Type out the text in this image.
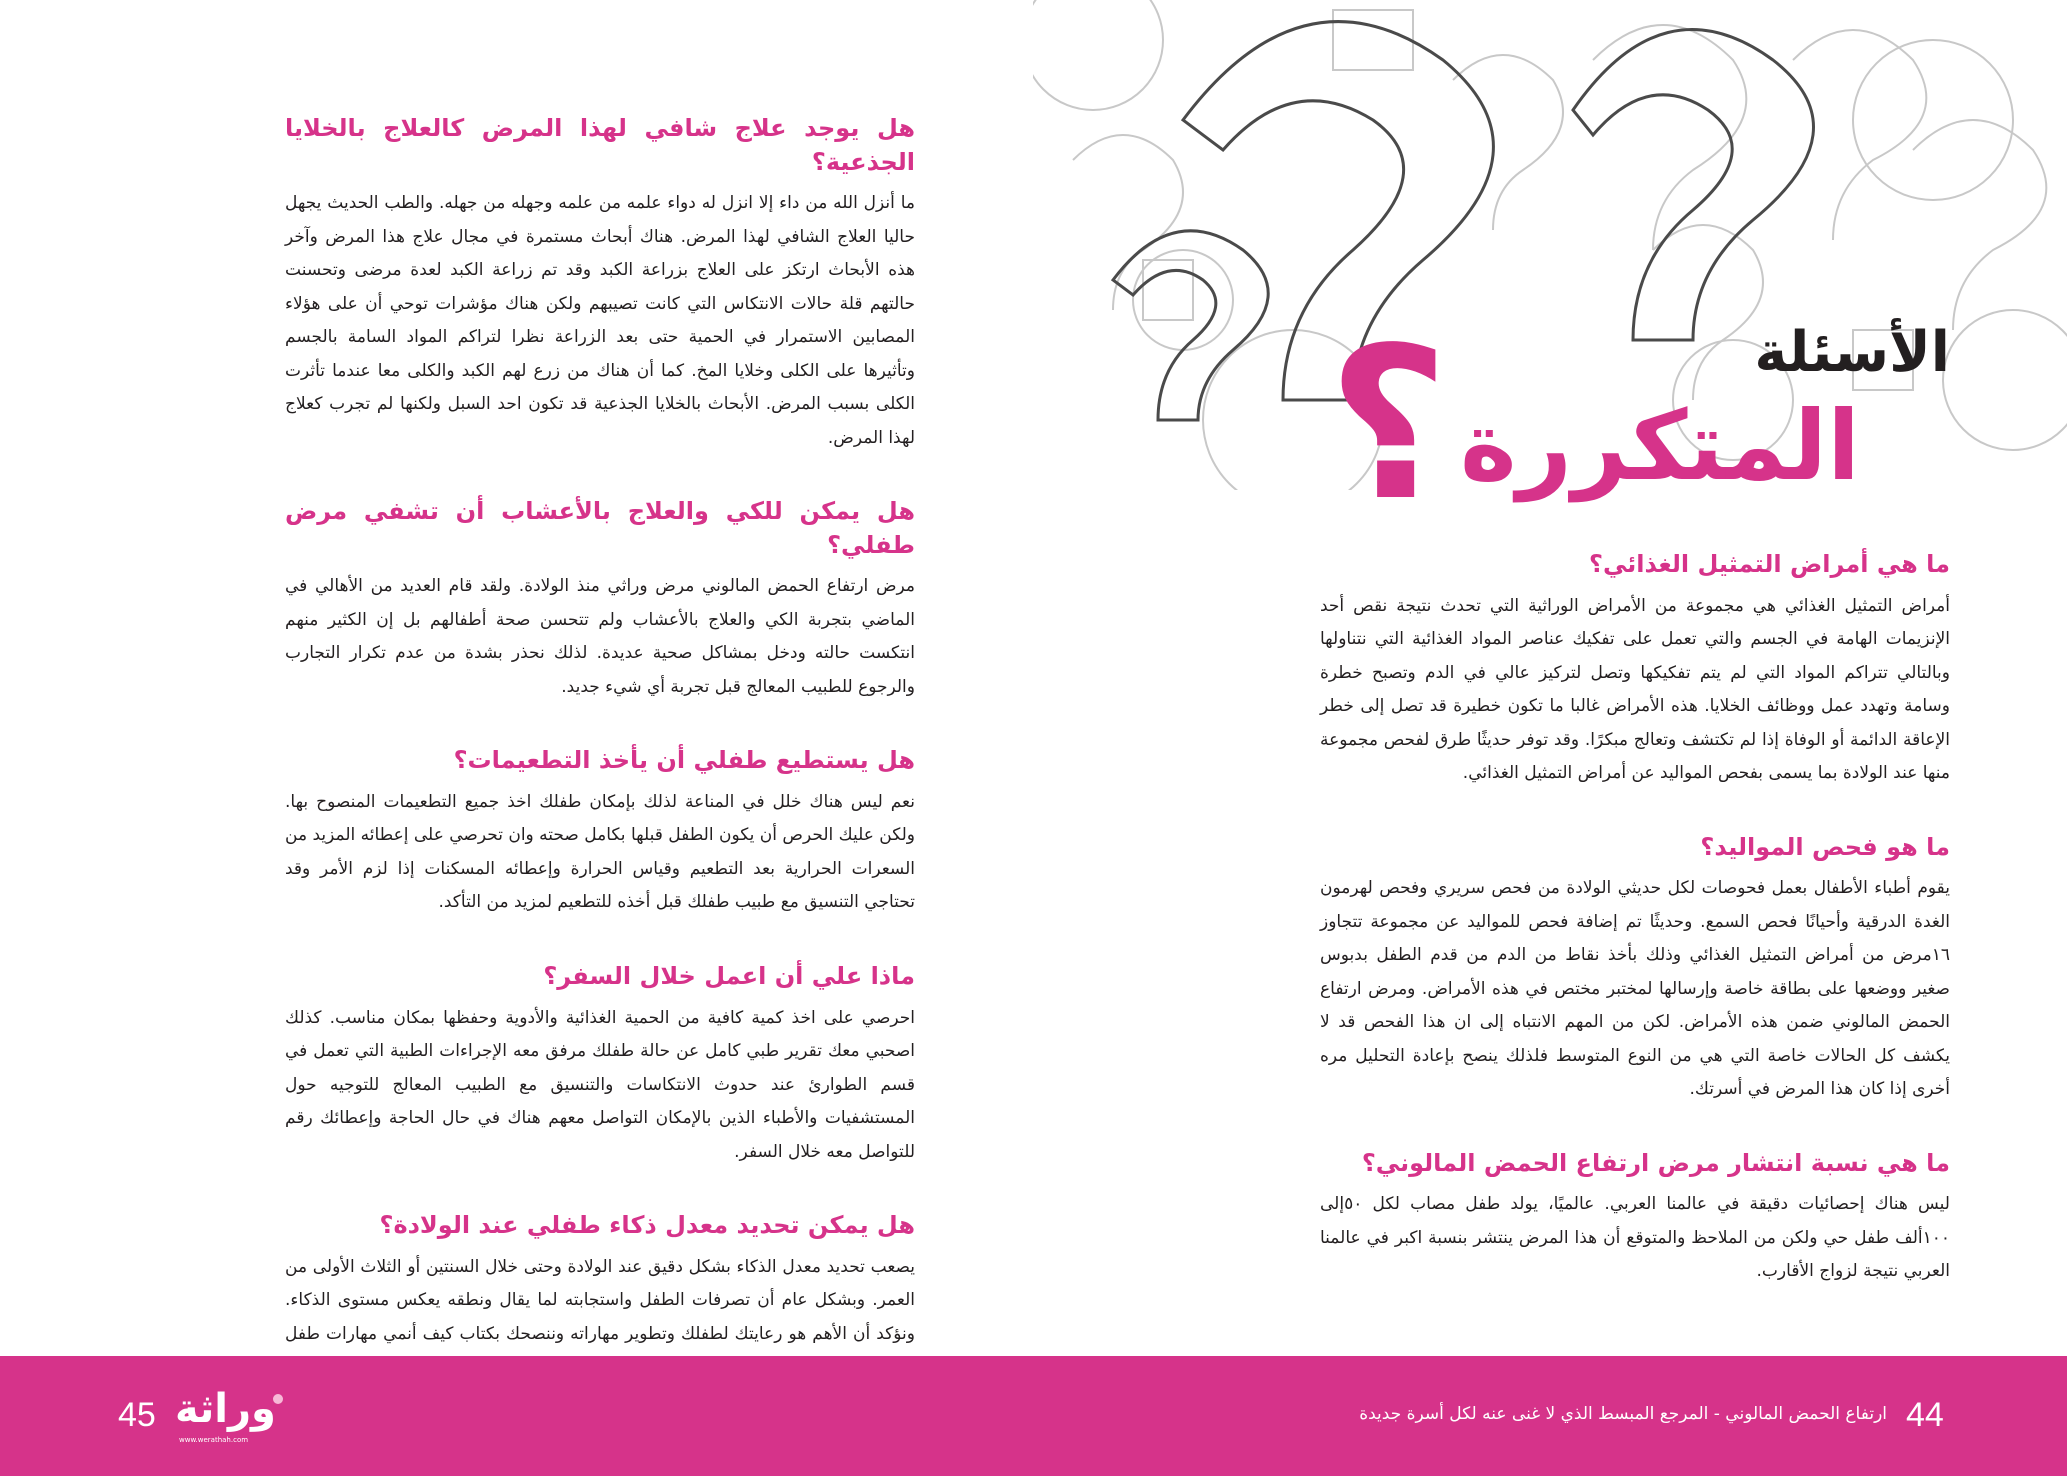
هل يوجد علاج شافي لهذا المرض كالعلاج بالخلايا الجذعية؟

ما أنزل الله من داء إلا انزل له دواء علمه من علمه وجهله من جهله. والطب الحديث يجهل حاليا العلاج الشافي لهذا المرض. هناك أبحاث مستمرة في مجال علاج هذا المرض وآخر هذه الأبحاث ارتكز على العلاج بزراعة الكبد وقد تم زراعة الكبد لعدة مرضى وتحسنت حالتهم قلة حالات الانتكاس التي كانت تصيبهم ولكن هناك مؤشرات توحي أن على هؤلاء المصابين الاستمرار في الحمية حتى بعد الزراعة نظرا لتراكم المواد السامة بالجسم وتأثيرها على الكلى وخلايا المخ. كما أن هناك من زرع لهم الكبد والكلى معا عندما تأثرت الكلى بسبب المرض. الأبحاث بالخلايا الجذعية قد تكون احد السبل ولكنها لم تجرب كعلاج لهذا المرض.

هل يمكن للكي والعلاج بالأعشاب أن تشفي مرض طفلي؟

مرض ارتفاع الحمض المالوني مرض وراثي منذ الولادة. ولقد قام العديد من الأهالي في الماضي بتجربة الكي والعلاج بالأعشاب ولم تتحسن صحة أطفالهم بل إن الكثير منهم انتكست حالته ودخل بمشاكل صحية عديدة. لذلك نحذر بشدة من عدم تكرار التجارب والرجوع للطبيب المعالج قبل تجربة أي شيء جديد.

هل يستطيع طفلي أن يأخذ التطعيمات؟

نعم ليس هناك خلل في المناعة لذلك بإمكان طفلك اخذ جميع التطعيمات المنصوح بها. ولكن عليك الحرص أن يكون الطفل قبلها بكامل صحته وان تحرصي على إعطائه المزيد من السعرات الحرارية بعد التطعيم وقياس الحرارة وإعطائه المسكنات إذا لزم الأمر وقد تحتاجي التنسيق مع طبيب طفلك قبل أخذه للتطعيم لمزيد من التأكد.

ماذا علي أن اعمل خلال السفر؟

احرصي على اخذ كمية كافية من الحمية الغذائية والأدوية وحفظها بمكان مناسب. كذلك اصحبي معك تقرير طبي كامل عن حالة طفلك مرفق معه الإجراءات الطبية التي تعمل في قسم الطوارئ عند حدوث الانتكاسات والتنسيق مع الطبيب المعالج للتوجيه حول المستشفيات والأطباء الذين بالإمكان التواصل معهم هناك في حال الحاجة وإعطائك رقم للتواصل معه خلال السفر.

هل يمكن تحديد معدل ذكاء طفلي عند الولادة؟

يصعب تحديد معدل الذكاء بشكل دقيق عند الولادة وحتى خلال السنتين أو الثلاث الأولى من العمر. وبشكل عام أن تصرفات الطفل واستجابته لما يقال ونطقه يعكس مستوى الذكاء. ونؤكد أن الأهم هو رعايتك لطفلك وتطوير مهاراته وننصحك بكتاب كيف أنمي مهارات طفل

?	الأسئلة
المتكررة
ما هي أمراض التمثيل الغذائي؟

أمراض التمثيل الغذائي هي مجموعة من الأمراض الوراثية التي تحدث نتيجة نقص أحد الإنزيمات الهامة في الجسم والتي تعمل على تفكيك عناصر المواد الغذائية التي نتناولها وبالتالي تتراكم المواد التي لم يتم تفكيكها وتصل لتركيز عالي في الدم وتصبح خطرة وسامة وتهدد عمل ووظائف الخلايا. هذه الأمراض غالبا ما تكون خطيرة قد تصل إلى خطر الإعاقة الدائمة أو الوفاة إذا لم تكتشف وتعالج مبكرًا. وقد توفر حديثًا طرق لفحص مجموعة منها عند الولادة بما يسمى بفحص المواليد عن أمراض التمثيل الغذائي.

ما هو فحص المواليد؟

يقوم أطباء الأطفال بعمل فحوصات لكل حديثي الولادة من فحص سريري وفحص لهرمون الغدة الدرقية وأحيانًا فحص السمع. وحديثًا تم إضافة فحص للمواليد عن مجموعة تتجاوز ١٦مرض من أمراض التمثيل الغذائي وذلك بأخذ نقاط من الدم من قدم الطفل بدبوس صغير ووضعها على بطاقة خاصة وإرسالها لمختبر مختص في هذه الأمراض. ومرض ارتفاع الحمض المالوني ضمن هذه الأمراض. لكن من المهم الانتباه إلى ان هذا الفحص قد لا يكشف كل الحالات خاصة التي هي من النوع المتوسط فلذلك ينصح بإعادة التحليل مره أخرى إذا كان هذا المرض في أسرتك.

ما هي نسبة انتشار مرض ارتفاع الحمض المالوني؟

ليس هناك إحصائيات دقيقة في عالمنا العربي. عالميًا، يولد طفل مصاب لكل ٥٠إلى ١٠٠ألف طفل حي ولكن من الملاحظ والمتوقع أن هذا المرض ينتشر بنسبة اكبر في عالمنا العربي نتيجة لزواج الأقارب.

45 وراثة
www.werathah.com
ارتفاع الحمض المالوني - المرجع المبسط الذي لا غنى عنه لكل أسرة جديدة 44
